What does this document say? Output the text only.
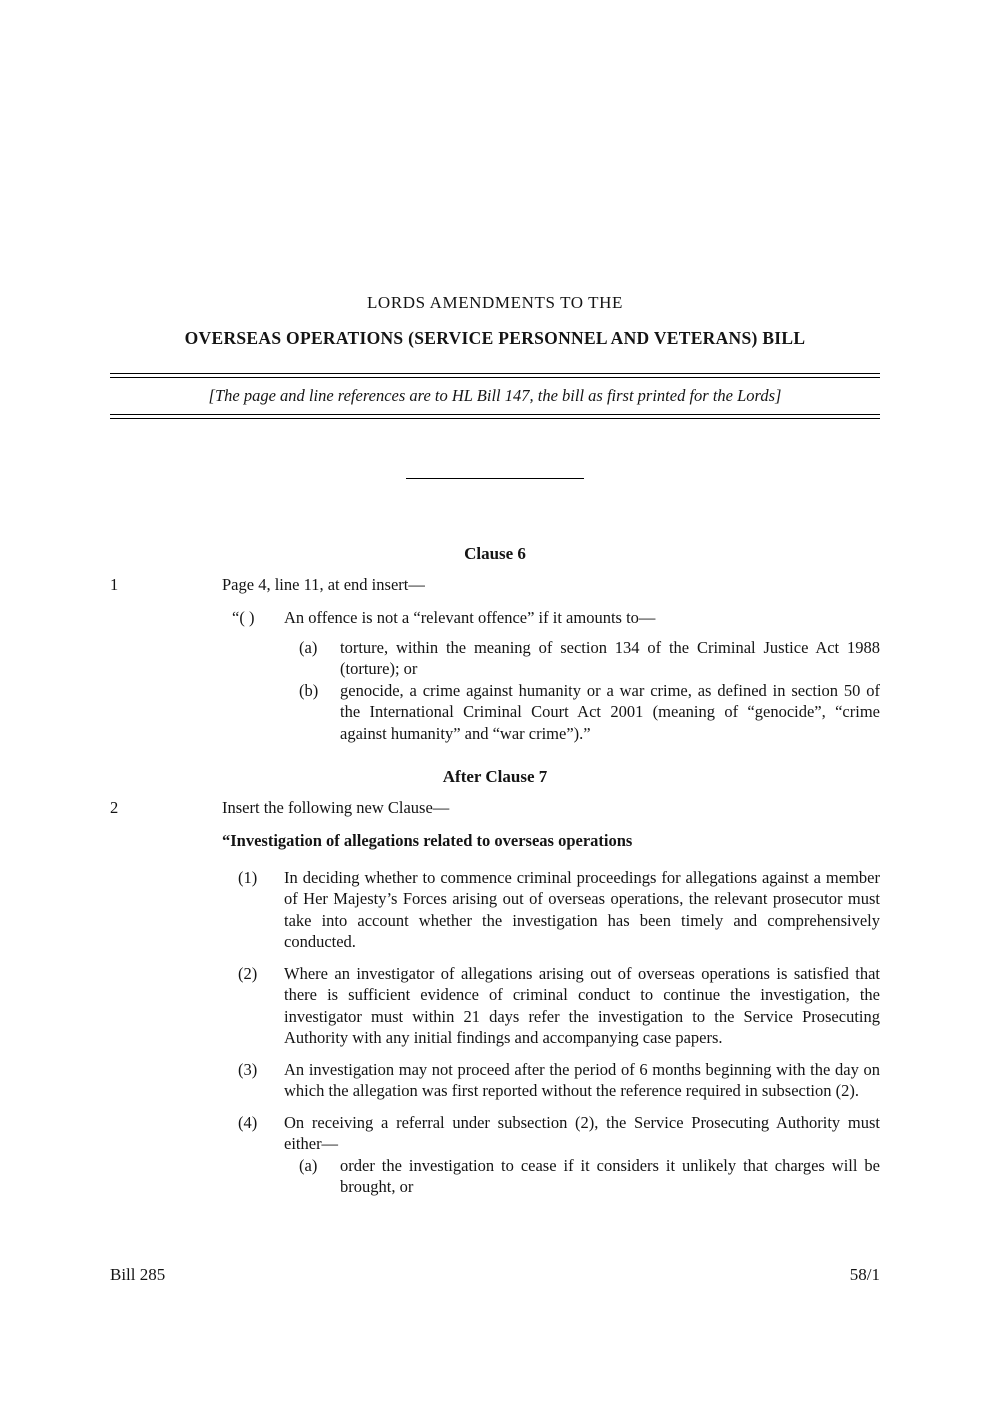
LORDS AMENDMENTS TO THE
OVERSEAS OPERATIONS (SERVICE PERSONNEL AND VETERANS) BILL
[The page and line references are to HL Bill 147, the bill as first printed for the Lords]
Clause 6
1	Page 4, line 11, at end insert—
“( )	An offence is not a “relevant offence” if it amounts to—
(a)	torture, within the meaning of section 134 of the Criminal Justice Act 1988 (torture); or
(b)	genocide, a crime against humanity or a war crime, as defined in section 50 of the International Criminal Court Act 2001 (meaning of “genocide”, “crime against humanity” and “war crime”).”
After Clause 7
2	Insert the following new Clause—
“Investigation of allegations related to overseas operations
(1)	In deciding whether to commence criminal proceedings for allegations against a member of Her Majesty’s Forces arising out of overseas operations, the relevant prosecutor must take into account whether the investigation has been timely and comprehensively conducted.
(2)	Where an investigator of allegations arising out of overseas operations is satisfied that there is sufficient evidence of criminal conduct to continue the investigation, the investigator must within 21 days refer the investigation to the Service Prosecuting Authority with any initial findings and accompanying case papers.
(3)	An investigation may not proceed after the period of 6 months beginning with the day on which the allegation was first reported without the reference required in subsection (2).
(4)	On receiving a referral under subsection (2), the Service Prosecuting Authority must either—
(a)	order the investigation to cease if it considers it unlikely that charges will be brought, or
Bill 285	58/1
